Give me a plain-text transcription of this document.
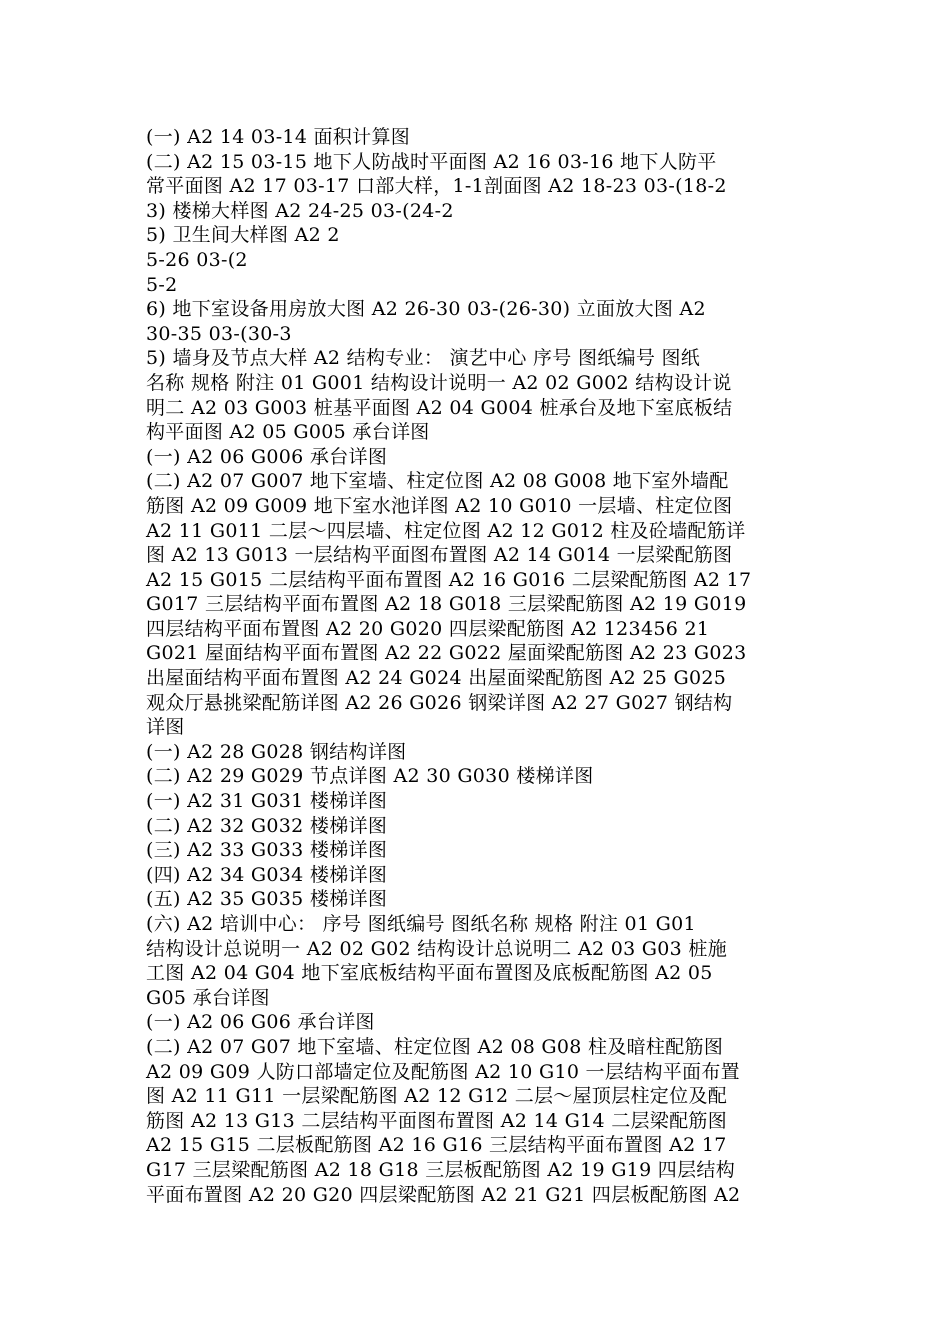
(一) A2 14 03-14 面积计算图
(二) A2 15 03-15 地下人防战时平面图 A2 16 03-16 地下人防平
常平面图 A2 17 03-17 口部大样，1-1剖面图 A2 18-23 03-(18-2
3) 楼梯大样图 A2 24-25 03-(24-2
5) 卫生间大样图 A2 2
5-26 03-(2
5-2
6) 地下室设备用房放大图 A2 26-30 03-(26-30) 立面放大图 A2
30-35 03-(30-3
5) 墙身及节点大样 A2 结构专业： 演艺中心 序号 图纸编号 图纸
名称 规格 附注 01 G001 结构设计说明一 A2 02 G002 结构设计说
明二 A2 03 G003 桩基平面图 A2 04 G004 桩承台及地下室底板结
构平面图 A2 05 G005 承台详图
(一) A2 06 G006 承台详图
(二) A2 07 G007 地下室墙、柱定位图 A2 08 G008 地下室外墙配
筋图 A2 09 G009 地下室水池详图 A2 10 G010 一层墙、柱定位图
A2 11 G011 二层～四层墙、柱定位图 A2 12 G012 柱及砼墙配筋详
图 A2 13 G013 一层结构平面图布置图 A2 14 G014 一层梁配筋图
A2 15 G015 二层结构平面布置图 A2 16 G016 二层梁配筋图 A2 17
G017 三层结构平面布置图 A2 18 G018 三层梁配筋图 A2 19 G019
四层结构平面布置图 A2 20 G020 四层梁配筋图 A2 123456 21
G021 屋面结构平面布置图 A2 22 G022 屋面梁配筋图 A2 23 G023
出屋面结构平面布置图 A2 24 G024 出屋面梁配筋图 A2 25 G025
观众厅悬挑梁配筋详图 A2 26 G026 钢梁详图 A2 27 G027 钢结构
详图
(一) A2 28 G028 钢结构详图
(二) A2 29 G029 节点详图 A2 30 G030 楼梯详图
(一) A2 31 G031 楼梯详图
(二) A2 32 G032 楼梯详图
(三) A2 33 G033 楼梯详图
(四) A2 34 G034 楼梯详图
(五) A2 35 G035 楼梯详图
(六) A2 培训中心： 序号 图纸编号 图纸名称 规格 附注 01 G01
结构设计总说明一 A2 02 G02 结构设计总说明二 A2 03 G03 桩施
工图 A2 04 G04 地下室底板结构平面布置图及底板配筋图 A2 05
G05 承台详图
(一) A2 06 G06 承台详图
(二) A2 07 G07 地下室墙、柱定位图 A2 08 G08 柱及暗柱配筋图
A2 09 G09 人防口部墙定位及配筋图 A2 10 G10 一层结构平面布置
图 A2 11 G11 一层梁配筋图 A2 12 G12 二层～屋顶层柱定位及配
筋图 A2 13 G13 二层结构平面图布置图 A2 14 G14 二层梁配筋图
A2 15 G15 二层板配筋图 A2 16 G16 三层结构平面布置图 A2 17
G17 三层梁配筋图 A2 18 G18 三层板配筋图 A2 19 G19 四层结构
平面布置图 A2 20 G20 四层梁配筋图 A2 21 G21 四层板配筋图 A2
